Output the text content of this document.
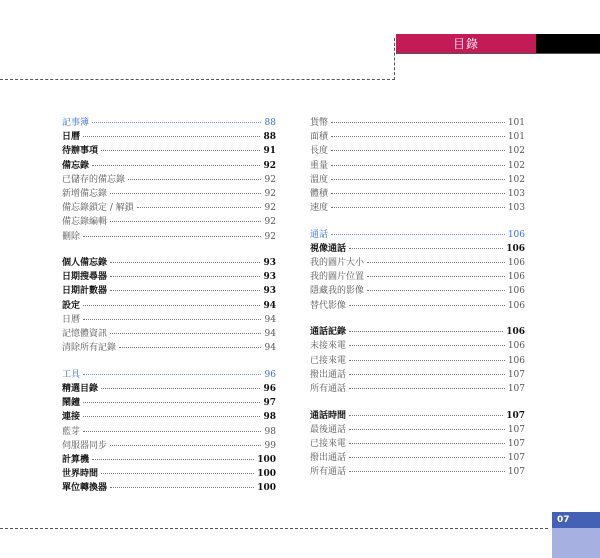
目錄
記事簿	88
日曆	88
待辦事項	91
備忘錄	92
已儲存的備忘錄	92
新增備忘錄	92
備忘錄鎖定 / 解鎖	92
備忘錄編輯	92
刪除	92
個人備忘錄	93
日期搜尋器	93
日期計數器	93
設定	94
日曆	94
記憶體資訊	94
清除所有記錄	94
工具	96
精選目錄	96
鬧鐘	97
連接	98
藍芽	98
伺服器同步	99
計算機	100
世界時間	100
單位轉換器	100
貨幣	101
面積	101
長度	102
重量	102
溫度	102
體積	103
速度	103
通話	106
視像通話	106
我的圖片大小	106
我的圖片位置	106
隱藏我的影像	106
替代影像	106
通話記錄	106
未接來電	106
已接來電	106
撥出通話	107
所有通話	107
通話時間	107
最後通話	107
已接來電	107
撥出通話	107
所有通話	107
07
